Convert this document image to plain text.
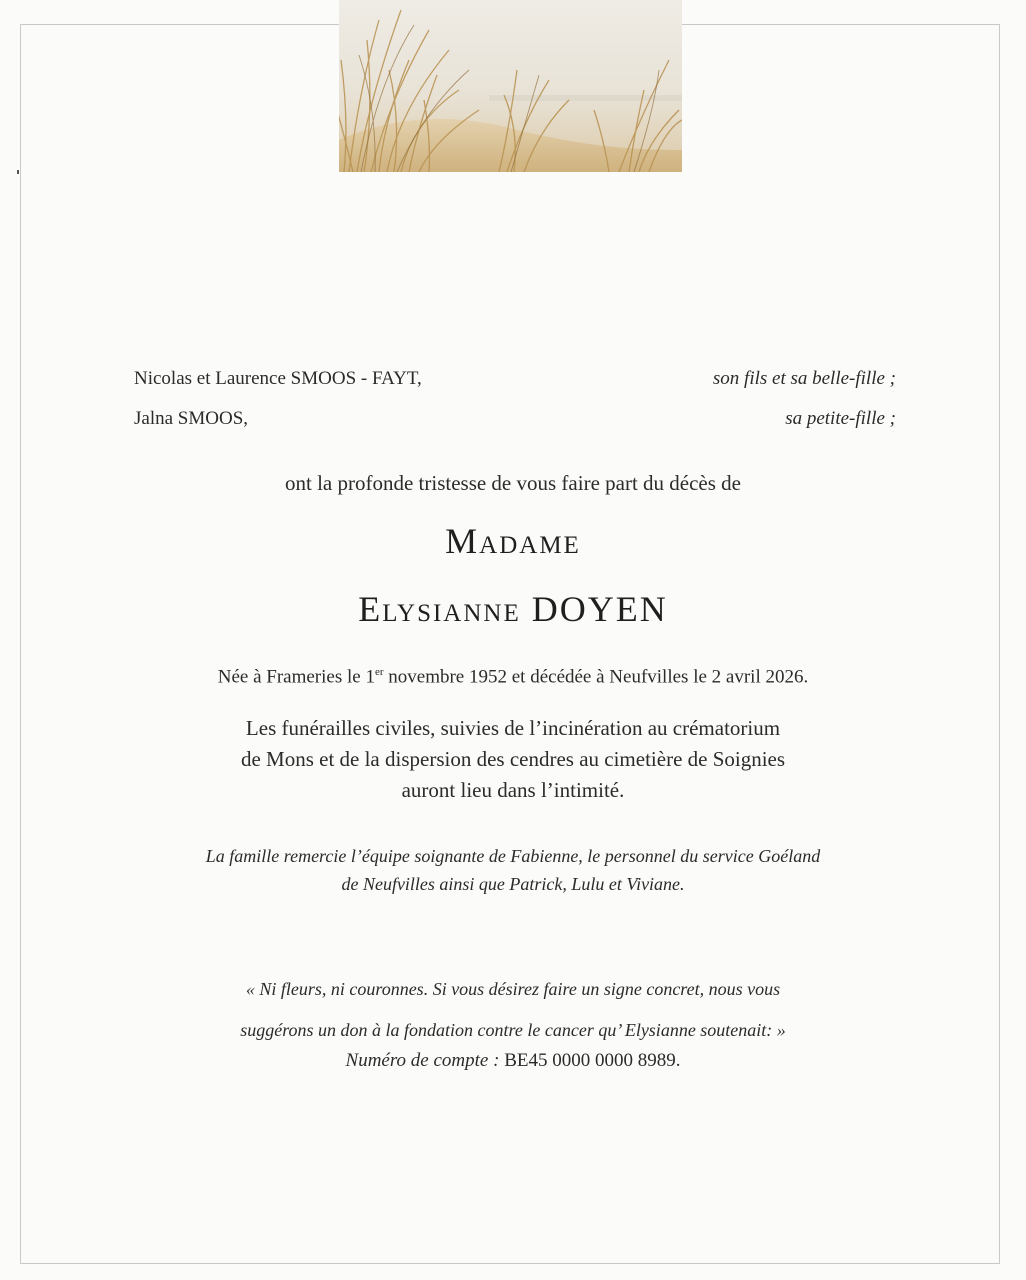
Nicolas et Laurence SMOOS - FAYT,	son fils et sa belle-fille ;
Jalna SMOOS,	sa petite-fille ;
ont la profonde tristesse de vous faire part du décès de
Madame
Elysianne DOYEN
Née à Frameries le 1er novembre 1952 et décédée à Neufvilles le 2 avril 2026.
Les funérailles civiles, suivies de l’incinération au crématorium
de Mons et de la dispersion des cendres au cimetière de Soignies
auront lieu dans l’intimité.
La famille remercie l’équipe soignante de Fabienne, le personnel du service Goéland
de Neufvilles ainsi que Patrick, Lulu et Viviane.
« Ni fleurs, ni couronnes. Si vous désirez faire un signe concret, nous vous
suggérons un don à la fondation contre le cancer qu’ Elysianne soutenait: »
Numéro de compte : BE45 0000 0000 8989.
